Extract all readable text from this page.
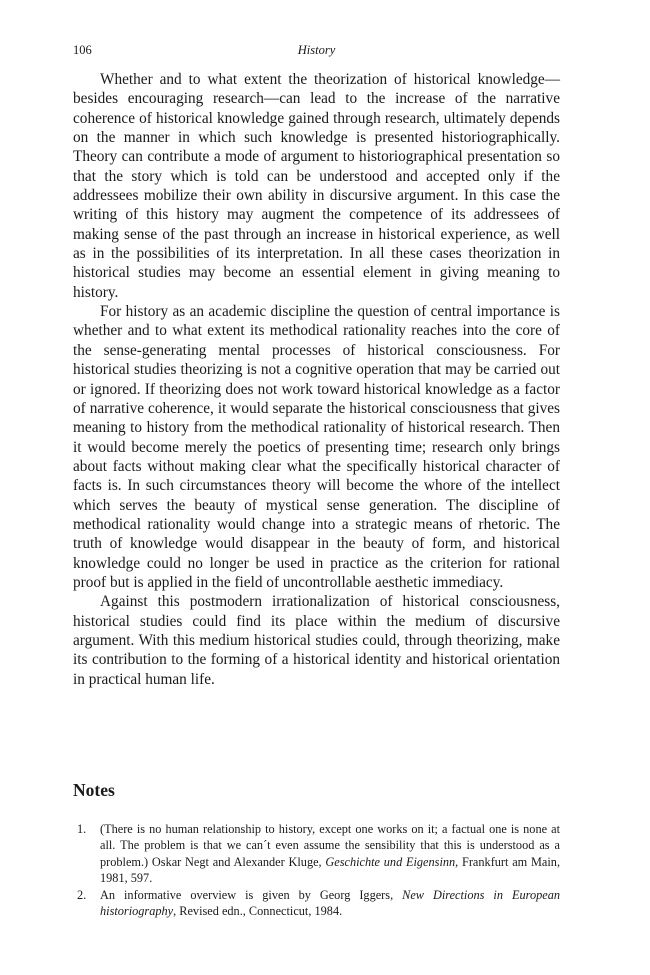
106	History

Whether and to what extent the theorization of historical knowledge—besides encouraging research—can lead to the increase of the narrative coherence of historical knowledge gained through research, ultimately depends on the manner in which such knowledge is presented historiographically. Theory can contribute a mode of argument to historiographical presentation so that the story which is told can be understood and accepted only if the addressees mobilize their own ability in discursive argument. In this case the writing of this history may augment the competence of its addressees of making sense of the past through an increase in historical experience, as well as in the possibilities of its interpretation. In all these cases theorization in historical studies may become an essential element in giving meaning to history.

For history as an academic discipline the question of central importance is whether and to what extent its methodical rationality reaches into the core of the sense-generating mental processes of historical consciousness. For historical studies theorizing is not a cognitive operation that may be carried out or ignored. If theorizing does not work toward historical knowledge as a factor of narrative coherence, it would separate the historical consciousness that gives meaning to history from the methodical rationality of historical research. Then it would become merely the poetics of presenting time; research only brings about facts without making clear what the specifically historical character of facts is. In such circumstances theory will become the whore of the intellect which serves the beauty of mystical sense generation. The discipline of methodical rationality would change into a strategic means of rhetoric. The truth of knowledge would disappear in the beauty of form, and historical knowledge could no longer be used in practice as the criterion for rational proof but is applied in the field of uncontrollable aesthetic immediacy.

Against this postmodern irrationalization of historical consciousness, historical studies could find its place within the medium of discursive argument. With this medium historical studies could, through theorizing, make its contribution to the forming of a historical identity and historical orientation in practical human life.

Notes
1. (There is no human relationship to history, except one works on it; a factual one is none at all. The problem is that we can´t even assume the sensibility that this is understood as a problem.) Oskar Negt and Alexander Kluge, Geschichte und Eigensinn, Frankfurt am Main, 1981, 597.
2. An informative overview is given by Georg Iggers, New Directions in European historiography, Revised edn., Connecticut, 1984.
